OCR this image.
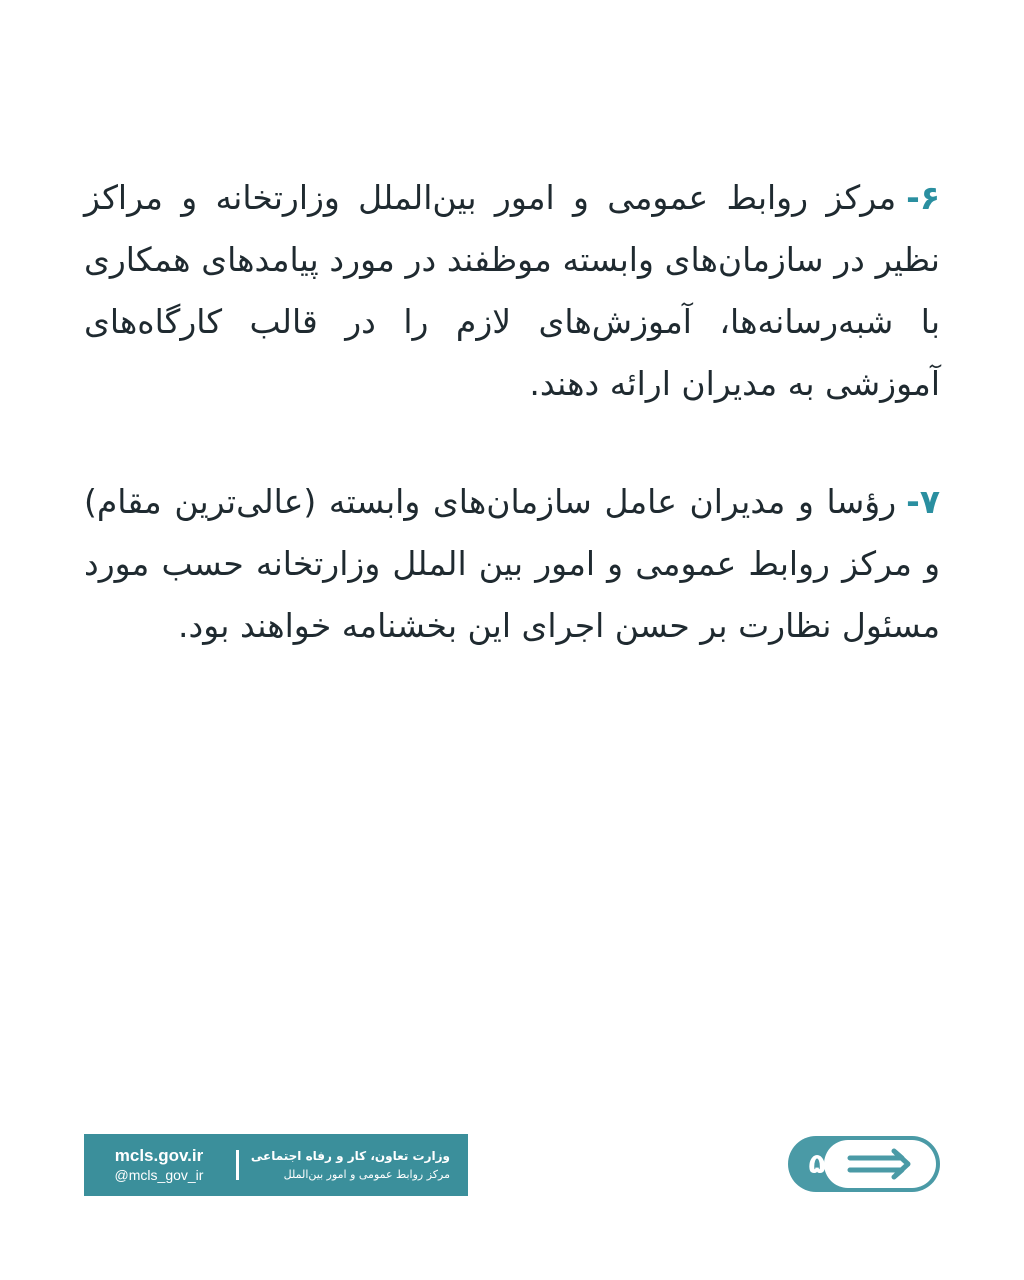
۶-مرکز روابط عمومی و امور بین‌الملل وزارتخانه و مراکز نظیر در سازمان‌های وابسته موظفند در مورد پیامدهای همکاری با شبه‌رسانه‌ها، آموزش‌های لازم را در قالب کارگاه‌های آموزشی به مدیران ارائه دهند.
۷-رؤسا و مدیران عامل سازمان‌های وابسته (عالی‌ترین مقام) و مرکز روابط عمومی و امور بین الملل وزارتخانه حسب مورد مسئول نظارت بر حسن اجرای این بخشنامه خواهند بود.
mcls.gov.ir
@mcls_gov_ir
وزارت تعاون، کار و رفاه اجتماعی
مرکز روابط عمومی و امور بین‌الملل	۵
